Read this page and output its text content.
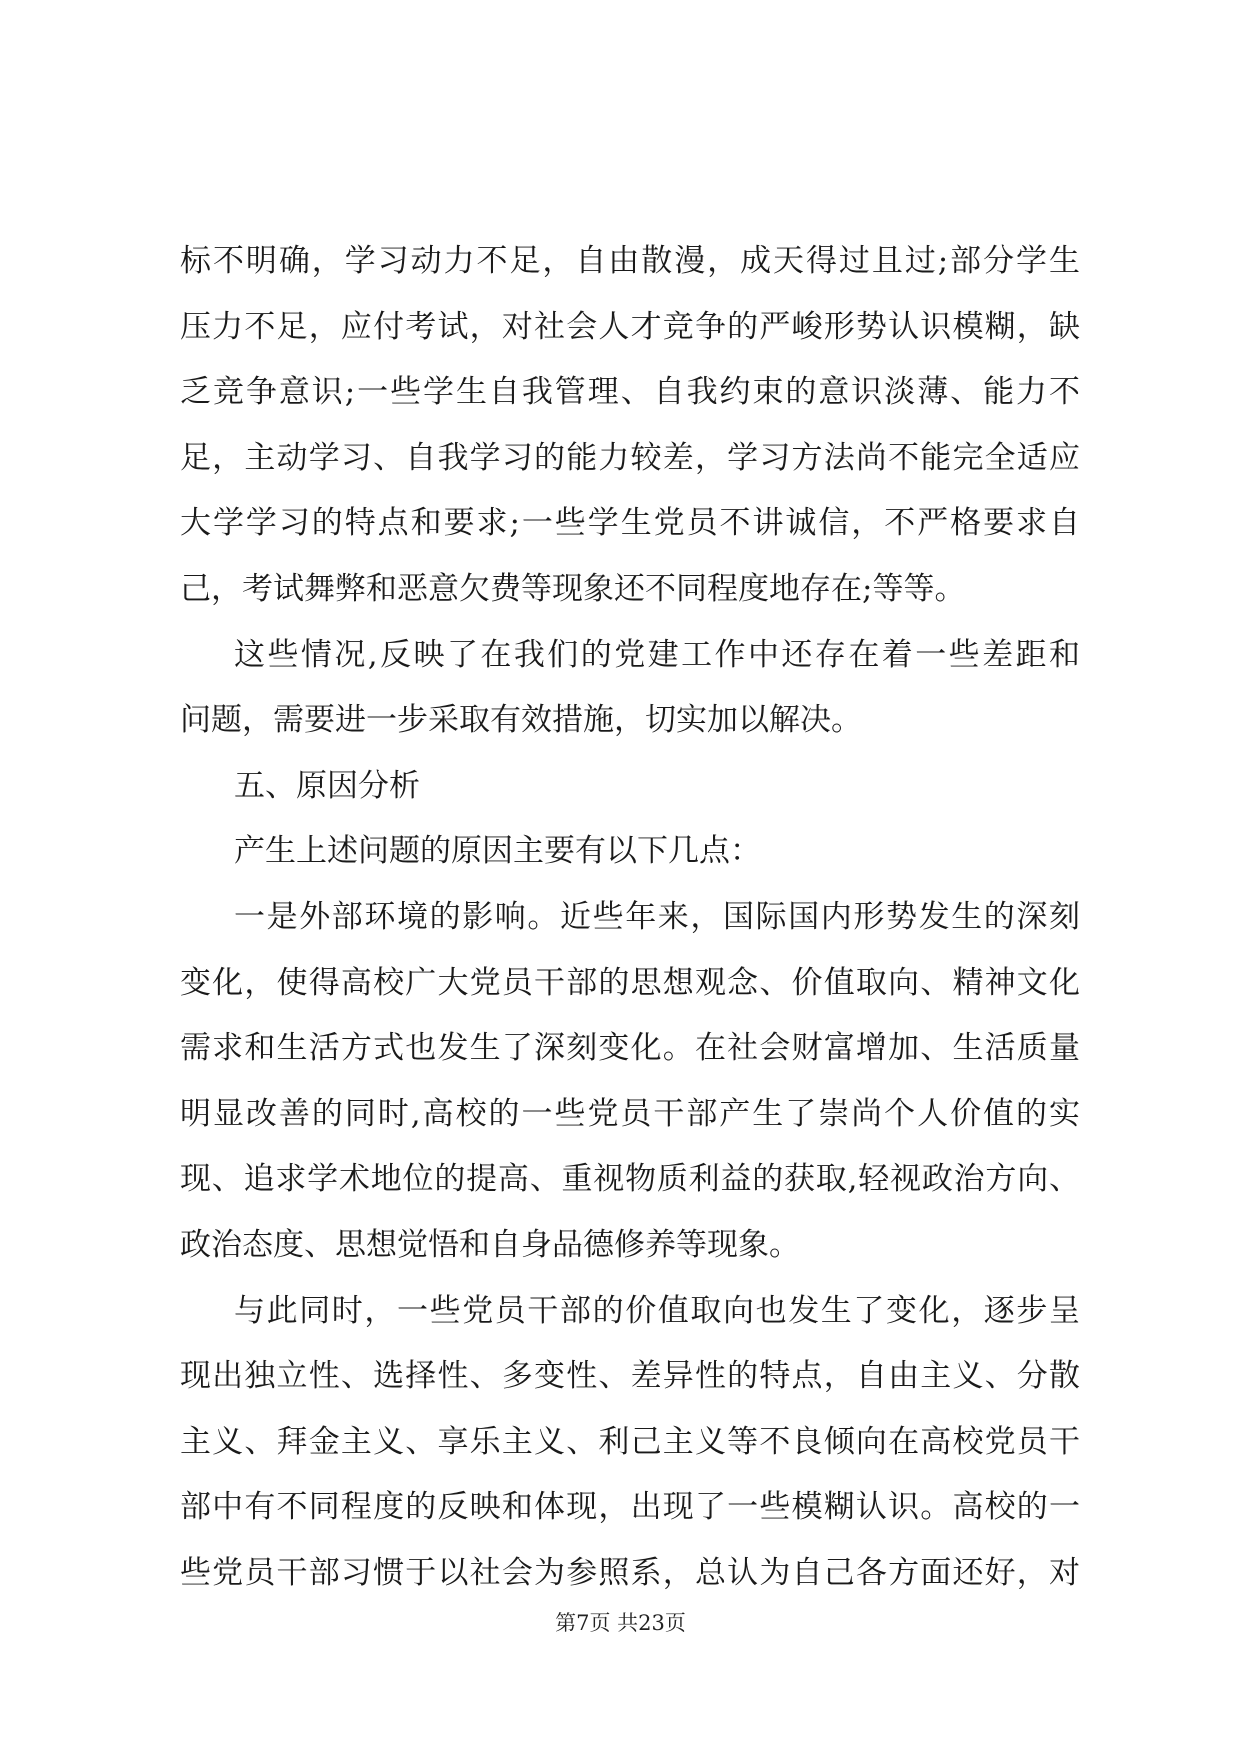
标不明确，学习动力不足，自由散漫，成天得过且过;部分学生
压力不足，应付考试，对社会人才竞争的严峻形势认识模糊，缺
乏竞争意识;一些学生自我管理、自我约束的意识淡薄、能力不
足，主动学习、自我学习的能力较差，学习方法尚不能完全适应
大学学习的特点和要求;一些学生党员不讲诚信，不严格要求自
己，考试舞弊和恶意欠费等现象还不同程度地存在;等等。
这些情况,反映了在我们的党建工作中还存在着一些差距和
问题，需要进一步采取有效措施，切实加以解决。
五、原因分析
产生上述问题的原因主要有以下几点：
一是外部环境的影响。近些年来，国际国内形势发生的深刻
变化，使得高校广大党员干部的思想观念、价值取向、精神文化
需求和生活方式也发生了深刻变化。在社会财富增加、生活质量
明显改善的同时,高校的一些党员干部产生了崇尚个人价值的实
现、追求学术地位的提高、重视物质利益的获取,轻视政治方向、
政治态度、思想觉悟和自身品德修养等现象。
与此同时，一些党员干部的价值取向也发生了变化，逐步呈
现出独立性、选择性、多变性、差异性的特点，自由主义、分散
主义、拜金主义、享乐主义、利己主义等不良倾向在高校党员干
部中有不同程度的反映和体现，出现了一些模糊认识。高校的一
些党员干部习惯于以社会为参照系，总认为自己各方面还好，对
第7页 共23页
